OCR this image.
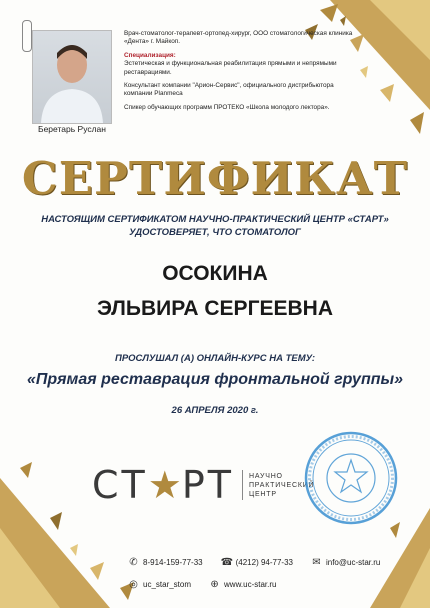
Беретарь Руслан

Врач-стоматолог-терапевт-ортопед-хирург, ООО стоматологическая клиника «Дента» г. Майкоп.

Специализация:
Эстетическая и функциональная реабилитация прямыми и непрямыми реставрациями.

Консультант компании "Арион-Сервис", официального дистрибьютора компании Planmeca

Спикер обучающих программ ПРОТЕКО «Школа молодого лектора».

СЕРТИФИКАТ
НАСТОЯЩИМ СЕРТИФИКАТОМ НАУЧНО-ПРАКТИЧЕСКИЙ ЦЕНТР «СТАРТ»
УДОСТОВЕРЯЕТ, ЧТО СТОМАТОЛОГ
ОСОКИНА
ЭЛЬВИРА СЕРГЕЕВНА
ПРОСЛУШАЛ (А) ОНЛАЙН-КУРС НА ТЕМУ:
«Прямая реставрация фронтальной группы»
26 АПРЕЛЯ 2020 г.
СТ ★ РТ НАУЧНО
ПРАКТИЧЕСКИЙ
ЦЕНТР
✆ 8-914-159-77-33 ☎ (4212) 94-77-33 ✉ info@uc-star.ru
◎ uc_star_stom ⊕ www.uc-star.ru
